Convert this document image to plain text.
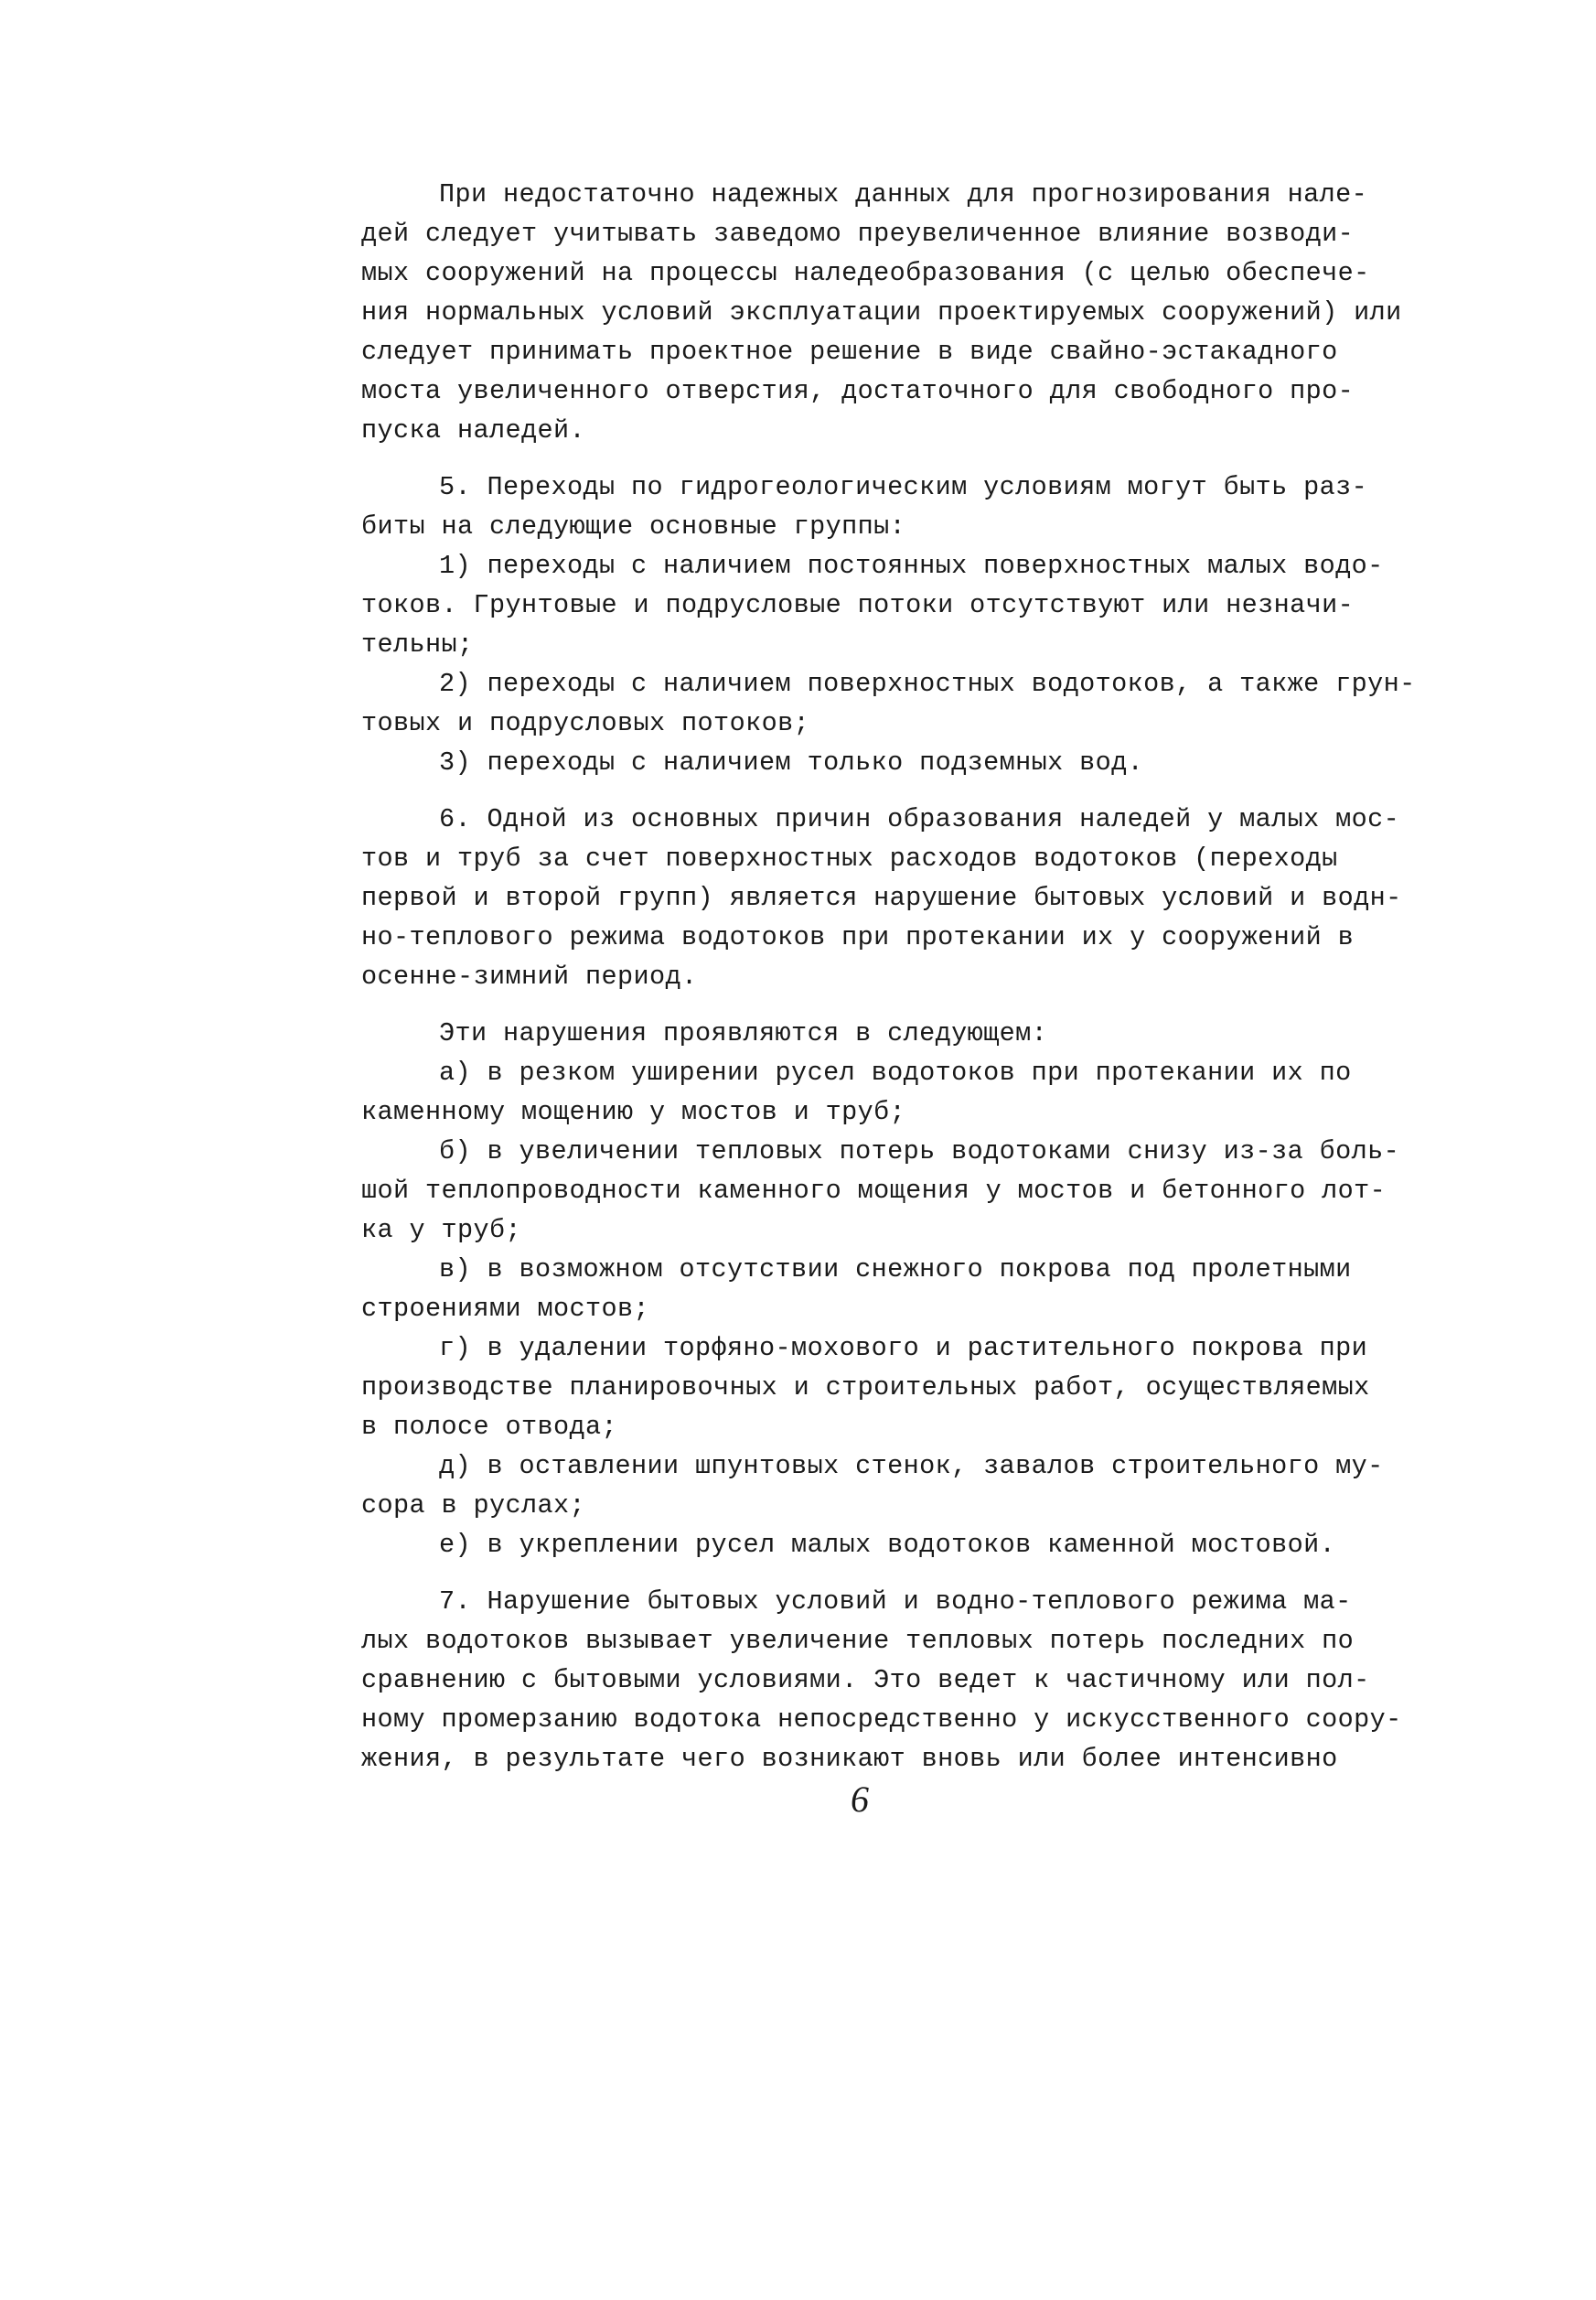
При недостаточно надежных данных для прогнозирования нале-
дей следует учитывать заведомо преувеличенное влияние возводи-
мых сооружений на процессы наледеобразования (с целью обеспече-
ния нормальных условий эксплуатации проектируемых сооружений) или
следует принимать проектное решение в виде свайно-эстакадного
моста увеличенного отверстия, достаточного для свободного про-
пуска наледей.
5. Переходы по гидрогеологическим условиям могут быть раз-
биты на следующие основные группы:
1) переходы с наличием постоянных поверхностных малых водо-
токов. Грунтовые и подрусловые потоки отсутствуют или незначи-
тельны;
2) переходы с наличием поверхностных водотоков, а также грун-
товых и подрусловых потоков;
3) переходы с наличием только подземных вод.
6. Одной из основных причин образования наледей у малых мос-
тов и труб за счет поверхностных расходов водотоков (переходы
первой и второй групп) является нарушение бытовых условий и водн-
но-теплового режима водотоков при протекании их у сооружений в
осенне-зимний период.
Эти нарушения проявляются в следующем:
а) в резком уширении русел водотоков при протекании их по
каменному мощению у мостов и труб;
б) в увеличении тепловых потерь водотоками снизу из-за боль-
шой теплопроводности каменного мощения у мостов и бетонного лот-
ка у труб;
в) в возможном отсутствии снежного покрова под пролетными
строениями мостов;
г) в удалении торфяно-мохового и растительного покрова при
производстве планировочных и строительных работ, осуществляемых
в полосе отвода;
д) в оставлении шпунтовых стенок, завалов строительного му-
сора в руслах;
е) в укреплении русел малых водотоков каменной мостовой.
7. Нарушение бытовых условий и водно-теплового режима ма-
лых водотоков вызывает увеличение тепловых потерь последних по
сравнению с бытовыми условиями. Это ведет к частичному или пол-
ному промерзанию водотока непосредственно у искусственного соору-
жения, в результате чего возникают вновь или более интенсивно
6
